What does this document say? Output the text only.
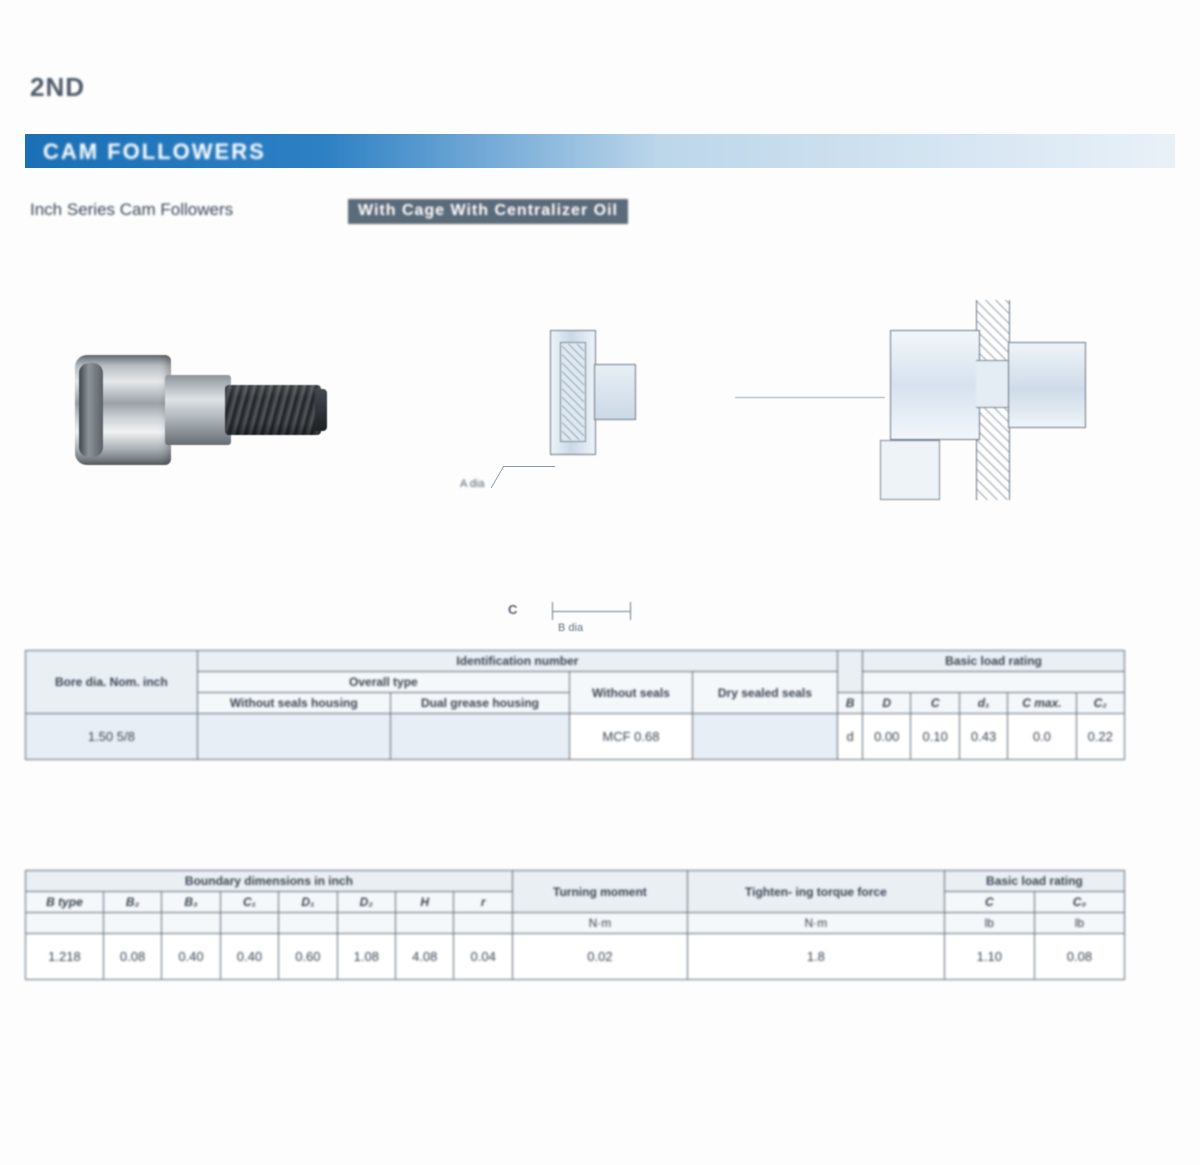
2ND
CAM FOLLOWERS
Inch Series Cam Followers	With Cage With Centralizer Oil
A dia
C
B dia
Bore dia. Nom. inch	Identification number					Basic load rating				
	Overall type		Without seals	Dry sealed seals						
	Without seals housing	Dual grease housing			B	D	C	d₁	C max.	C₂
1.50 5/8			MCF 0.68		d	0.00	0.10	0.43	0.0	0.22
Boundary dimensions in inch								Turning moment	Tighten- ing torque force	Basic load rating	
B type	B₂	B₃	C₁	D₁	D₂	H	r			C	C₀
								N·m	N·m	lb	lb
1.218	0.08	0.40	0.40	0.60	1.08	4.08	0.04	0.02	1.8	1.10	0.08
